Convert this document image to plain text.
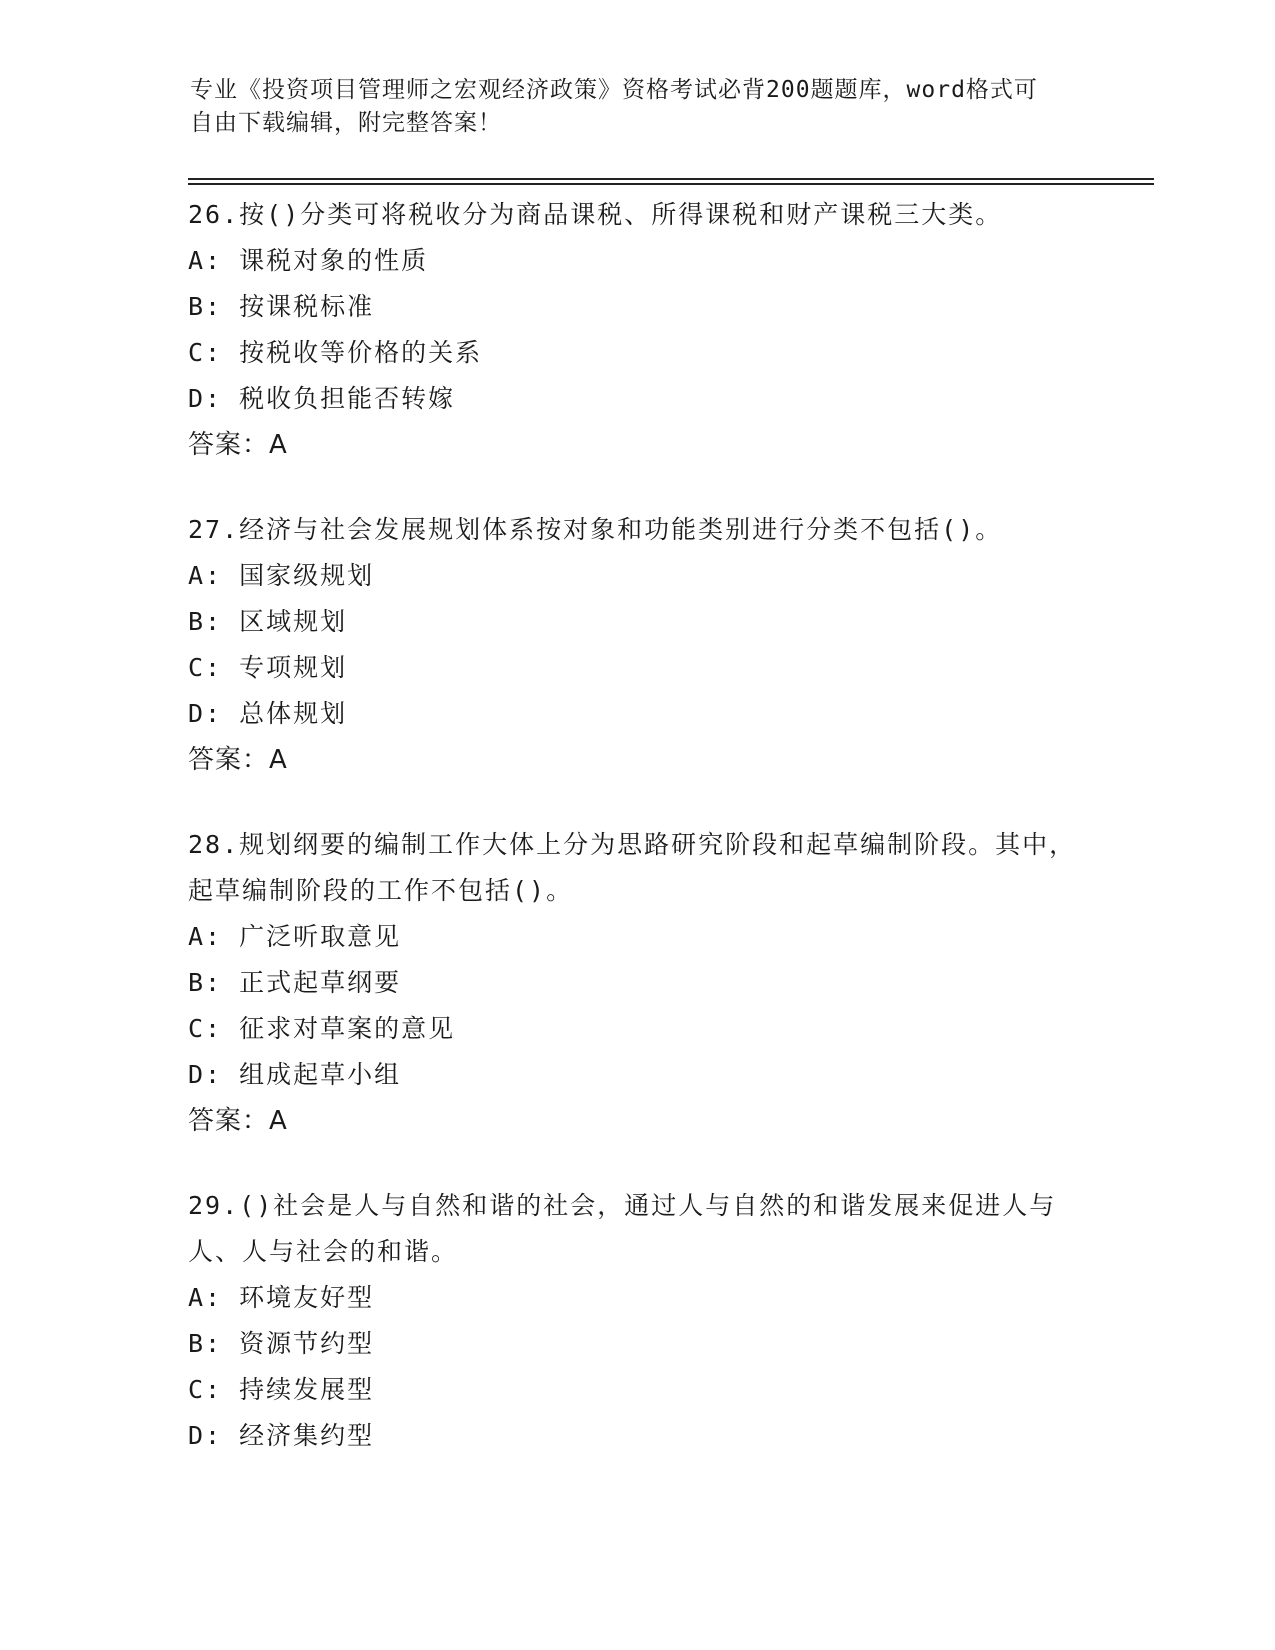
专业《投资项目管理师之宏观经济政策》资格考试必背200题题库，word格式可
自由下载编辑，附完整答案！
26.按()分类可将税收分为商品课税、所得课税和财产课税三大类。
A: 课税对象的性质
B: 按课税标准
C: 按税收等价格的关系
D: 税收负担能否转嫁
答案：A
27.经济与社会发展规划体系按对象和功能类别进行分类不包括()。
A: 国家级规划
B: 区域规划
C: 专项规划
D: 总体规划
答案：A
28.规划纲要的编制工作大体上分为思路研究阶段和起草编制阶段。其中，起草编制阶段的工作不包括()。
A: 广泛听取意见
B: 正式起草纲要
C: 征求对草案的意见
D: 组成起草小组
答案：A
29.()社会是人与自然和谐的社会，通过人与自然的和谐发展来促进人与人、人与社会的和谐。
A: 环境友好型
B: 资源节约型
C: 持续发展型
D: 经济集约型
